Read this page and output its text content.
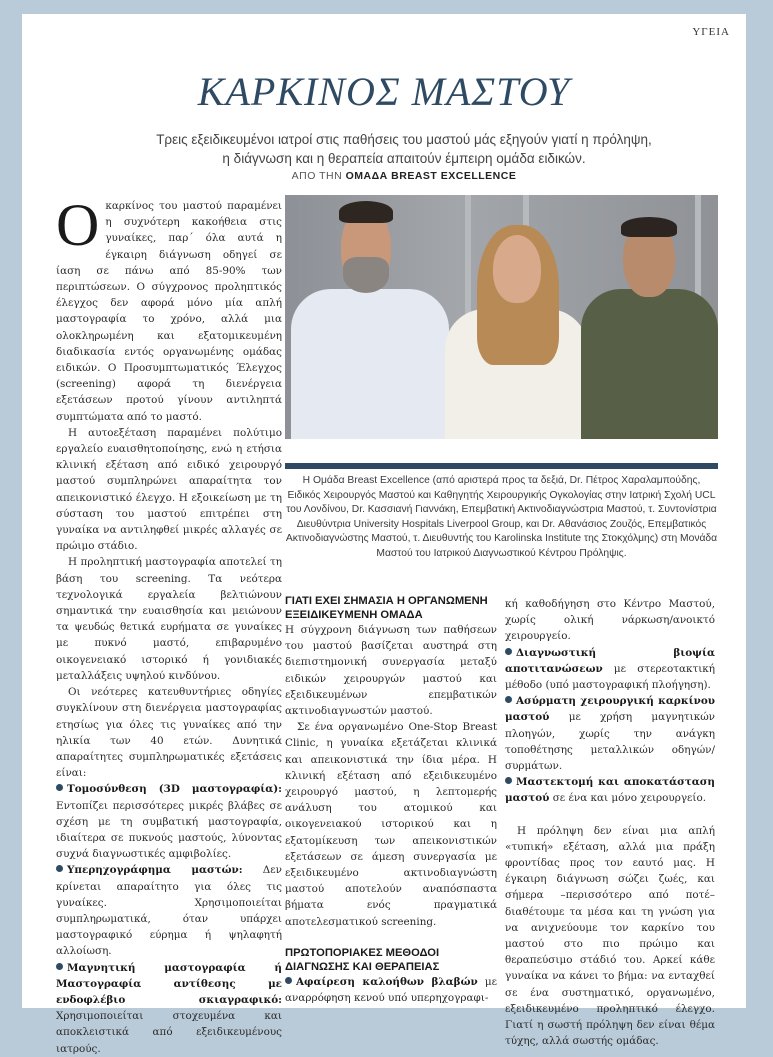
ΥΓΕΙΑ
ΚΑΡΚΙΝΟΣ ΜΑΣΤΟΥ
Τρεις εξειδικευμένοι ιατροί στις παθήσεις του μαστού μάς εξηγούν γιατί η πρόληψη,
η διάγνωση και η θεραπεία απαιτούν έμπειρη ομάδα ειδικών.
ΑΠΟ ΤΗΝ ΟΜΑΔΑ BREAST EXCELLENCE

Ο καρκίνος του μαστού παραμένει η συχνότερη κακοήθεια στις γυναίκες, παρ΄ όλα αυτά η έγκαιρη διάγνωση οδηγεί σε ίαση σε πάνω από 85-90% των περιπτώσεων. Ο σύγχρονος προληπτικός έλεγχος δεν αφορά μόνο μία απλή μαστογραφία το χρόνο, αλλά μια ολοκληρωμένη και εξατομικευμένη διαδικασία εντός οργανωμένης ομάδας ειδικών. Ο Προσυμπτωματικός Έλεγχος (screening) αφορά τη διενέργεια εξετάσεων προτού γίνουν αντιληπτά συμπτώματα από το μαστό.

Η αυτοεξέταση παραμένει πολύτιμο εργαλείο ευαισθητοποίησης, ενώ η ετήσια κλινική εξέταση από ειδικό χειρουργό μαστού συμπληρώνει απαραίτητα τον απεικονιστικό έλεγχο. Η εξοικείωση με τη σύσταση του μαστού επιτρέπει στη γυναίκα να αντιληφθεί μικρές αλλαγές σε πρώιμο στάδιο.

Η προληπτική μαστογραφία αποτελεί τη βάση του screening. Τα νεότερα τεχνολογικά εργαλεία βελτιώνουν σημαντικά την ευαισθησία και μειώνουν τα ψευδώς θετικά ευρήματα σε γυναίκες με πυκνό μαστό, επιβαρυμένο οικογενειακό ιστορικό ή γονιδιακές μεταλλάξεις υψηλού κινδύνου.

Οι νεότερες κατευθυντήριες οδηγίες συγκλίνουν στη διενέργεια μαστογραφίας ετησίως για όλες τις γυναίκες από την ηλικία των 40 ετών. Δυνητικά απαραίτητες συμπληρωματικές εξετάσεις είναι:

Τομοσύνθεση (3D μαστογραφία): Εντοπίζει περισσότερες μικρές βλάβες σε σχέση με τη συμβατική μαστογραφία, ιδιαίτερα σε πυκνούς μαστούς, λύνοντας συχνά διαγνωστικές αμφιβολίες.
Υπερηχογράφημα μαστών: Δεν κρίνεται απαραίτητο για όλες τις γυναίκες. Χρησιμοποιείται συμπληρωματικά, όταν υπάρχει μαστογραφικό εύρημα ή ψηλαφητή αλλοίωση.
Μαγνητική μαστογραφία ή Μαστογραφία αντίθεσης με ενδοφλέβιο σκιαγραφικό: Χρησιμοποιείται στοχευμένα και αποκλειστικά από εξειδικευμένους ιατρούς.
Η Ομάδα Breast Excellence (από αριστερά προς τα δεξιά, Dr. Πέτρος Χαραλαμπούδης, Ειδικός Χειρουργός Μαστού και Καθηγητής Χειρουργικής Ογκολογίας στην Ιατρική Σχολή UCL του Λονδίνου, Dr. Κασσιανή Γιαννάκη, Επεμβατική Ακτινοδιαγνώστρια Μαστού, τ. Συντονίστρια Διευθύντρια University Hospitals Liverpool Group, και Dr. Αθανάσιος Ζουζός, Επεμβατικός Ακτινοδιαγνώστης Μαστού, τ. Διευθυντής του Karolinska Institute της Στοκχόλμης) στη Μονάδα Μαστού του Ιατρικού Διαγνωστικού Κέντρου Πρόληψις.
ΓΙΑΤΙ ΕΧΕΙ ΣΗΜΑΣΙΑ Η ΟΡΓΑΝΩΜΕΝΗ ΕΞΕΙΔΙΚΕΥΜΕΝΗ ΟΜΑΔΑ

Η σύγχρονη διάγνωση των παθήσεων του μαστού βασίζεται αυστηρά στη διεπιστημονική συνεργασία μεταξύ ειδικών χειρουργών μαστού και εξειδικευμένων επεμβατικών ακτινοδιαγνωστών μαστού.

Σε ένα οργανωμένο One-Stop Breast Clinic, η γυναίκα εξετάζεται κλινικά και απεικονιστικά την ίδια μέρα. Η κλινική εξέταση από εξειδικευμένο χειρουργό μαστού, η λεπτομερής ανάλυση του ατομικού και οικογενειακού ιστορικού και η εξατομίκευση των απεικονιστικών εξετάσεων σε άμεση συνεργασία με εξειδικευμένο ακτινοδιαγνώστη μαστού αποτελούν αναπόσπαστα βήματα ενός πραγματικά αποτελεσματικού screening.

ΠΡΩΤΟΠΟΡΙΑΚΕΣ ΜΕΘΟΔΟΙ ΔΙΑΓΝΩΣΗΣ ΚΑΙ ΘΕΡΑΠΕΙΑΣ
Αφαίρεση καλοήθων βλαβών με αναρρόφηση κενού υπό υπερηχογραφι-

κή καθοδήγηση στο Κέντρο Μαστού, χωρίς ολική νάρκωση/ανοικτό χειρουργείο.

Διαγνωστική βιοψία αποτιτανώσεων με στερεοτακτική μέθοδο (υπό μαστογραφική πλοήγηση).
Ασύρματη χειρουργική καρκίνου μαστού με χρήση μαγνητικών πλοηγών, χωρίς την ανάγκη τοποθέτησης μεταλλικών οδηγών/συρμάτων.
Μαστεκτομή και αποκατάσταση μαστού σε ένα και μόνο χειρουργείο.

Η πρόληψη δεν είναι μια απλή «τυπική» εξέταση, αλλά μια πράξη φροντίδας προς τον εαυτό μας. Η έγκαιρη διάγνωση σώζει ζωές, και σήμερα –περισσότερο από ποτέ– διαθέτουμε τα μέσα και τη γνώση για να ανιχνεύουμε τον καρκίνο του μαστού στο πιο πρώιμο και θεραπεύσιμο στάδιό του. Αρκεί κάθε γυναίκα να κάνει το βήμα: να ενταχθεί σε ένα συστηματικό, οργανωμένο, εξειδικευμένο προληπτικό έλεγχο. Γιατί η σωστή πρόληψη δεν είναι θέμα τύχης, αλλά σωστής ομάδας.
